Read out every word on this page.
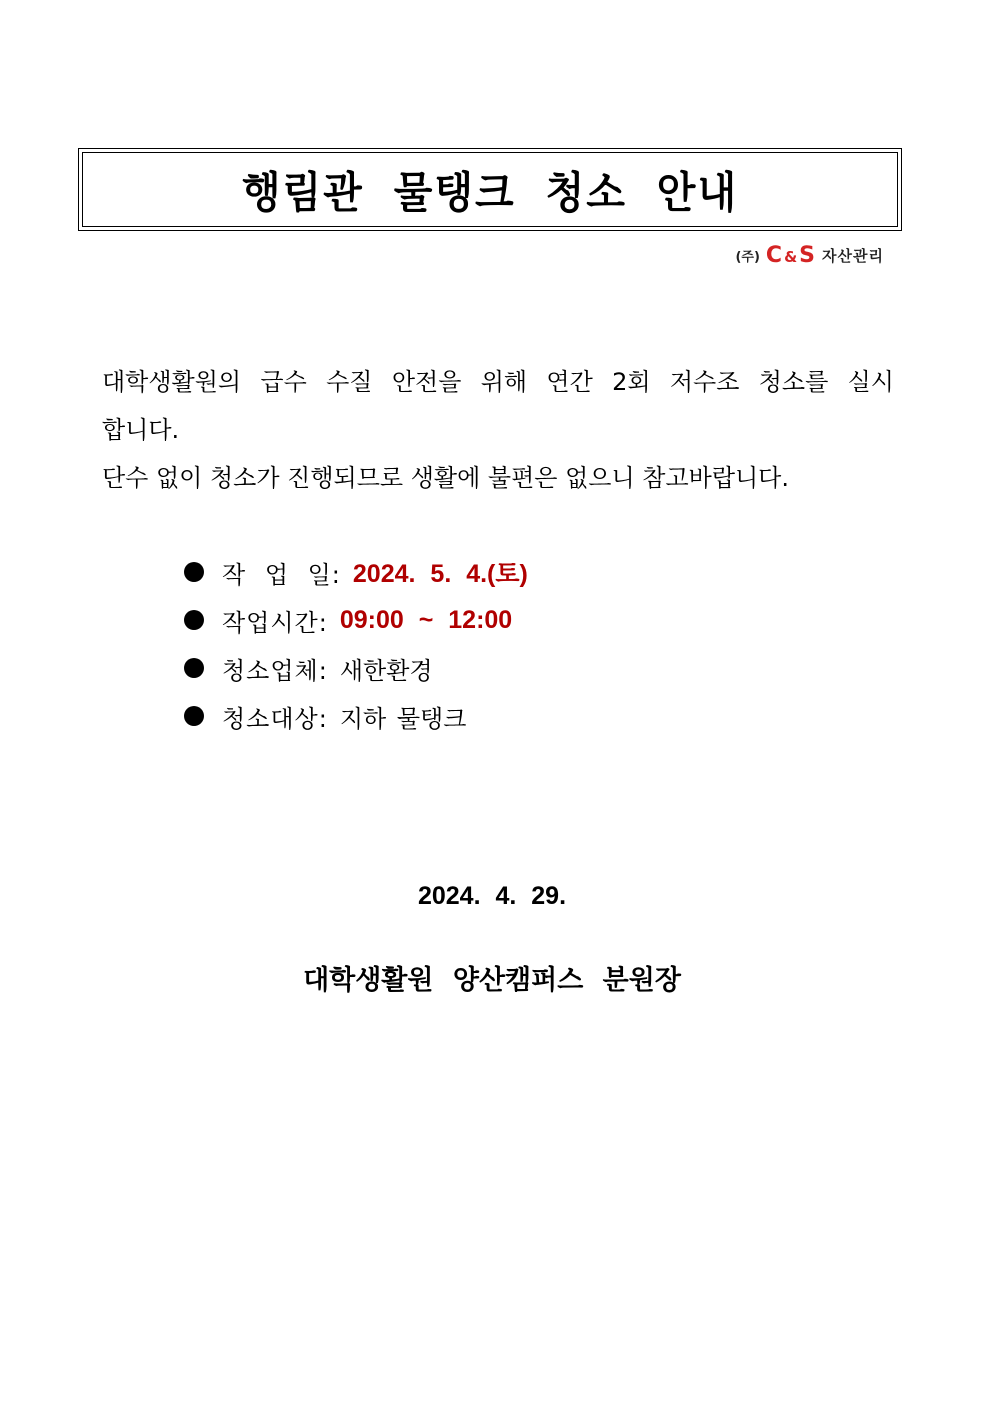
행림관 물탱크 청소 안내
(주) C&S 자산관리

대학생활원의 급수 수질 안전을 위해 연간 2회 저수조 청소를 실시

합니다.

단수 없이 청소가 진행되므로 생활에 불편은 없으니 참고바랍니다.

작 업 일: 2024. 5. 4.(토)
작업시간: 09:00 ~ 12:00
청소업체: 새한환경
청소대상: 지하 물탱크
2024. 4. 29.
대학생활원 양산캠퍼스 분원장
